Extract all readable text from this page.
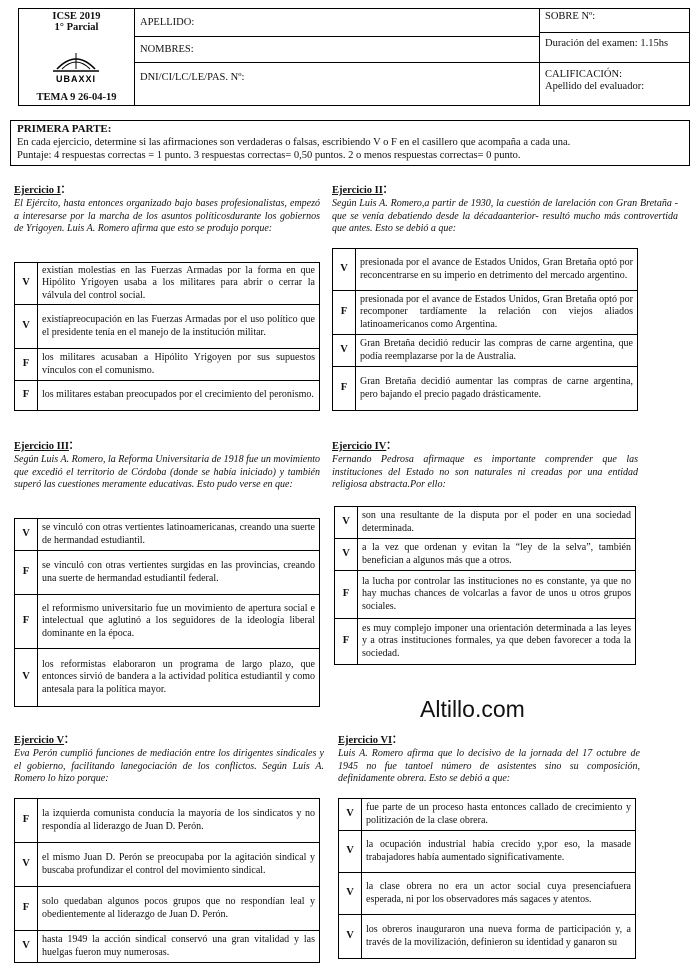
ICSE 2019
1° Parcial
UBAXXI
TEMA 9 26-04-19
APELLIDO:
NOMBRES:
DNI/CI/LC/LE/PAS. Nº:
SOBRE Nº:
Duración del examen: 1.15hs
CALIFICACIÓN:
Apellido del evaluador:
PRIMERA PARTE:
En cada ejercicio, determine si las afirmaciones son verdaderas o falsas, escribiendo V o F en el casillero que acompaña a cada una.
Puntaje: 4 respuestas correctas = 1 punto. 3 respuestas correctas= 0,50 puntos. 2 o menos respuestas correctas= 0 punto.
Ejercicio I:
El Ejército, hasta entonces organizado bajo bases profesionalistas, empezó a interesarse por la marcha de los asuntos políticosdurante los gobiernos de Yrigoyen. Luis A. Romero afirma que esto se produjo porque:
Ejercicio II:
Según Luis A. Romero,a partir de 1930, la cuestión de larelación con Gran Bretaña -que se venía debatiendo desde la décadaanterior- resultó mucho más controvertida que antes. Esto se debió a que:
Ejercicio III:
Según Luis A. Romero, la Reforma Universitaria de 1918 fue un movimiento que excedió el territorio de Córdoba (donde se había iniciado) y también superó las cuestiones meramente educativas. Esto pudo verse en que:
Ejercicio IV:
Fernando Pedrosa afirmaque es importante comprender que las instituciones del Estado no son naturales ni creadas por una entidad religiosa abstracta.Por ello:
Ejercicio V:
Eva Perón cumplió funciones de mediación entre los dirigentes sindicales y el gobierno, facilitando lanegociación de los conflictos. Según Luis A. Romero lo hizo porque:
Ejercicio VI:
Luis A. Romero afirma que lo decisivo de la jornada del 17 octubre de 1945 no fue tantoel número de asistentes sino su composición, definidamente obrera. Esto se debió a que:
V	existían molestias en las Fuerzas Armadas por la forma en que Hipólito Yrigoyen usaba a los militares para abrir o cerrar la válvula del control social.
V	existíapreocupación en las Fuerzas Armadas por el uso político que el presidente tenía en el manejo de la institución militar.
F	los militares acusaban a Hipólito Yrigoyen por sus supuestos vínculos con el comunismo.
F	los militares estaban preocupados por el crecimiento del peronismo.
V	presionada por el avance de Estados Unidos, Gran Bretaña optó por reconcentrarse en su imperio en detrimento del mercado argentino.
F	presionada por el avance de Estados Unidos, Gran Bretaña optó por recomponer tardíamente la relación con viejos aliados latinoamericanos como Argentina.
V	Gran Bretaña decidió reducir las compras de carne argentina, que podía reemplazarse por la de Australia.
F	Gran Bretaña decidió aumentar las compras de carne argentina, pero bajando el precio pagado drásticamente.
V	se vinculó con otras vertientes latinoamericanas, creando una suerte de hermandad estudiantil.
F	se vinculó con otras vertientes surgidas en las provincias, creando una suerte de hermandad estudiantil federal.
F	el reformismo universitario fue un movimiento de apertura social e intelectual que aglutinó a los seguidores de la ideología liberal dominante en la época.
V	los reformistas elaboraron un programa de largo plazo, que entonces sirvió de bandera a la actividad política estudiantil y como antesala para la política mayor.
V	son una resultante de la disputa por el poder en una sociedad determinada.
V	a la vez que ordenan y evitan la “ley de la selva”, también benefician a algunos más que a otros.
F	la lucha por controlar las instituciones no es constante, ya que no hay muchas chances de volcarlas a favor de unos u otros grupos sociales.
F	es muy complejo imponer una orientación determinada a las leyes y a otras instituciones formales, ya que deben favorecer a toda la sociedad.
Altillo.com
F	la izquierda comunista conducía la mayoría de los sindicatos y no respondía al liderazgo de Juan D. Perón.
V	el mismo Juan D. Perón se preocupaba por la agitación sindical y buscaba profundizar el control del movimiento sindical.
F	solo quedaban algunos pocos grupos que no respondían leal y obedientemente al liderazgo de Juan D. Perón.
V	hasta 1949 la acción sindical conservó una gran vitalidad y las huelgas fueron muy numerosas.
V	fue parte de un proceso hasta entonces callado de crecimiento y politización de la clase obrera.
V	la ocupación industrial había crecido y,por eso, la masade trabajadores había aumentado significativamente.
V	la clase obrera no era un actor social cuya presenciafuera esperada, ni por los observadores más sagaces y atentos.
V	los obreros inauguraron una nueva forma de participación y, a través de la movilización, definieron su identidad y ganaron su
